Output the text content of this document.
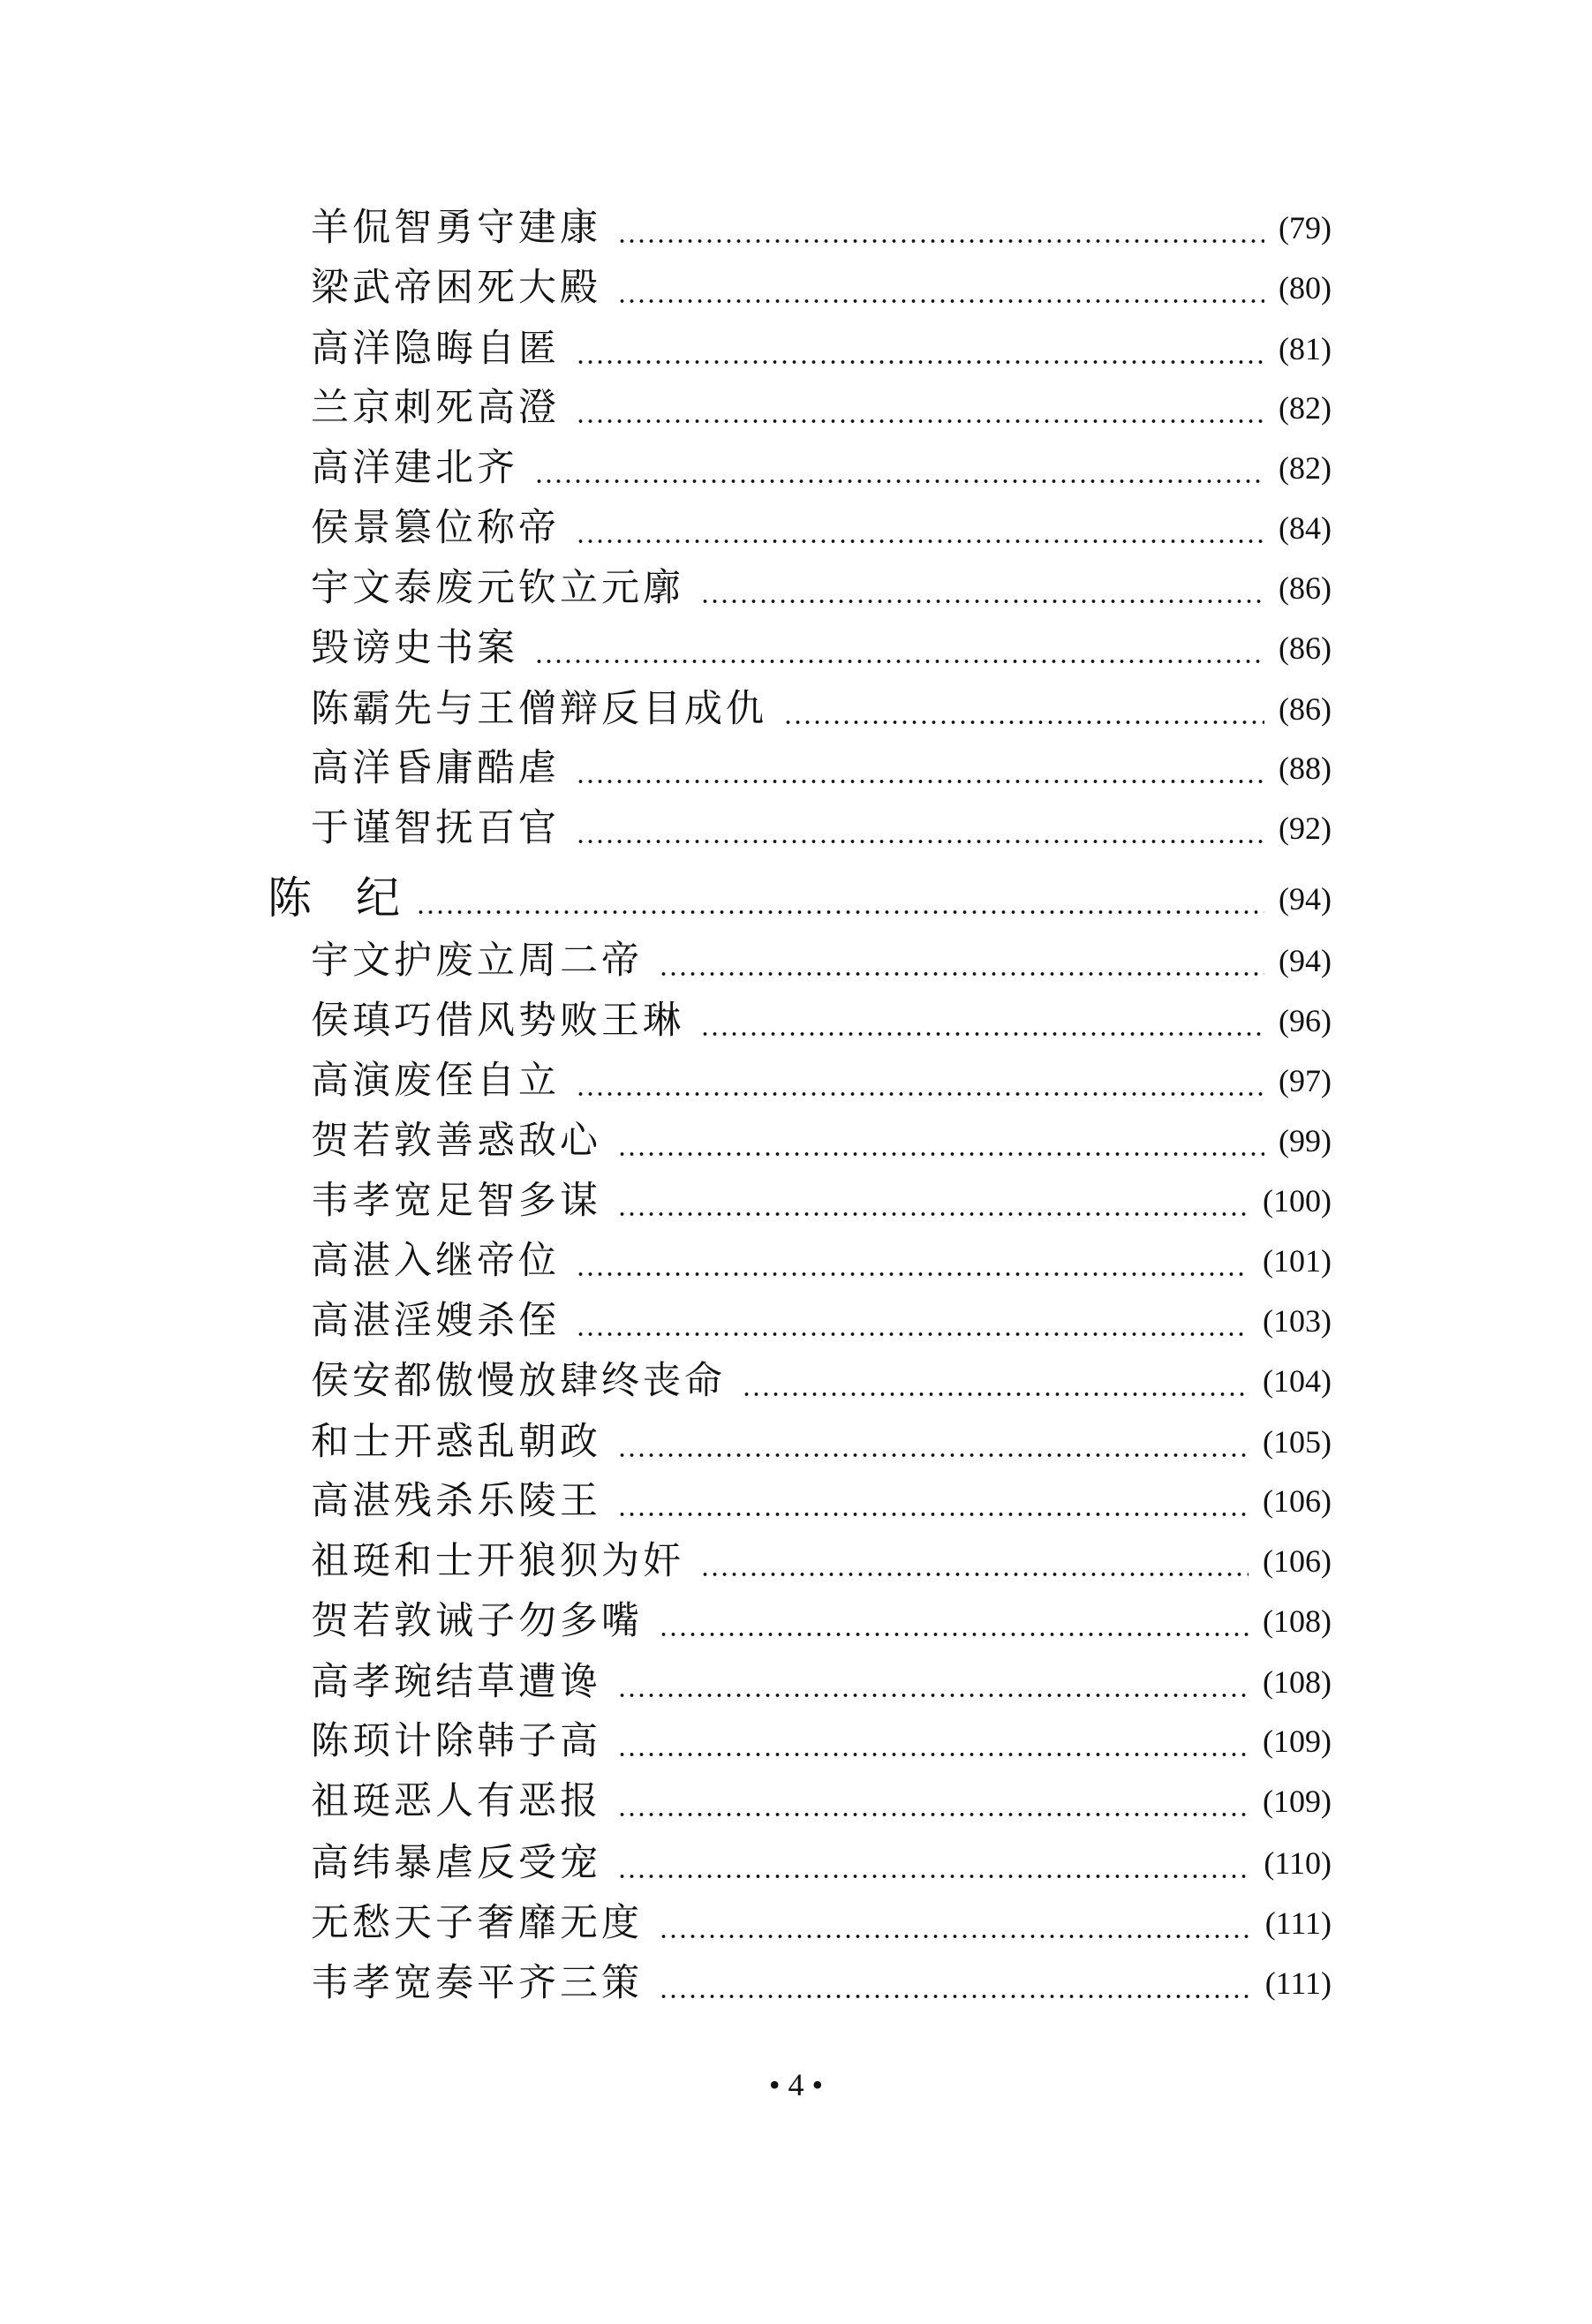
羊侃智勇守建康	(79)
梁武帝困死大殿	(80)
高洋隐晦自匿	(81)
兰京刺死高澄	(82)
高洋建北齐	(82)
侯景篡位称帝	(84)
宇文泰废元钦立元廓	(86)
毁谤史书案	(86)
陈霸先与王僧辩反目成仇	(86)
高洋昏庸酷虐	(88)
于谨智抚百官	(92)
陈　纪	(94)
宇文护废立周二帝	(94)
侯瑱巧借风势败王琳	(96)
高演废侄自立	(97)
贺若敦善惑敌心	(99)
韦孝宽足智多谋	(100)
高湛入继帝位	(101)
高湛淫嫂杀侄	(103)
侯安都傲慢放肆终丧命	(104)
和士开惑乱朝政	(105)
高湛残杀乐陵王	(106)
祖珽和士开狼狈为奸	(106)
贺若敦诫子勿多嘴	(108)
高孝琬结草遭谗	(108)
陈顼计除韩子高	(109)
祖珽恶人有恶报	(109)
高纬暴虐反受宠	(110)
无愁天子奢靡无度	(111)
韦孝宽奏平齐三策	(111)
• 4 •
